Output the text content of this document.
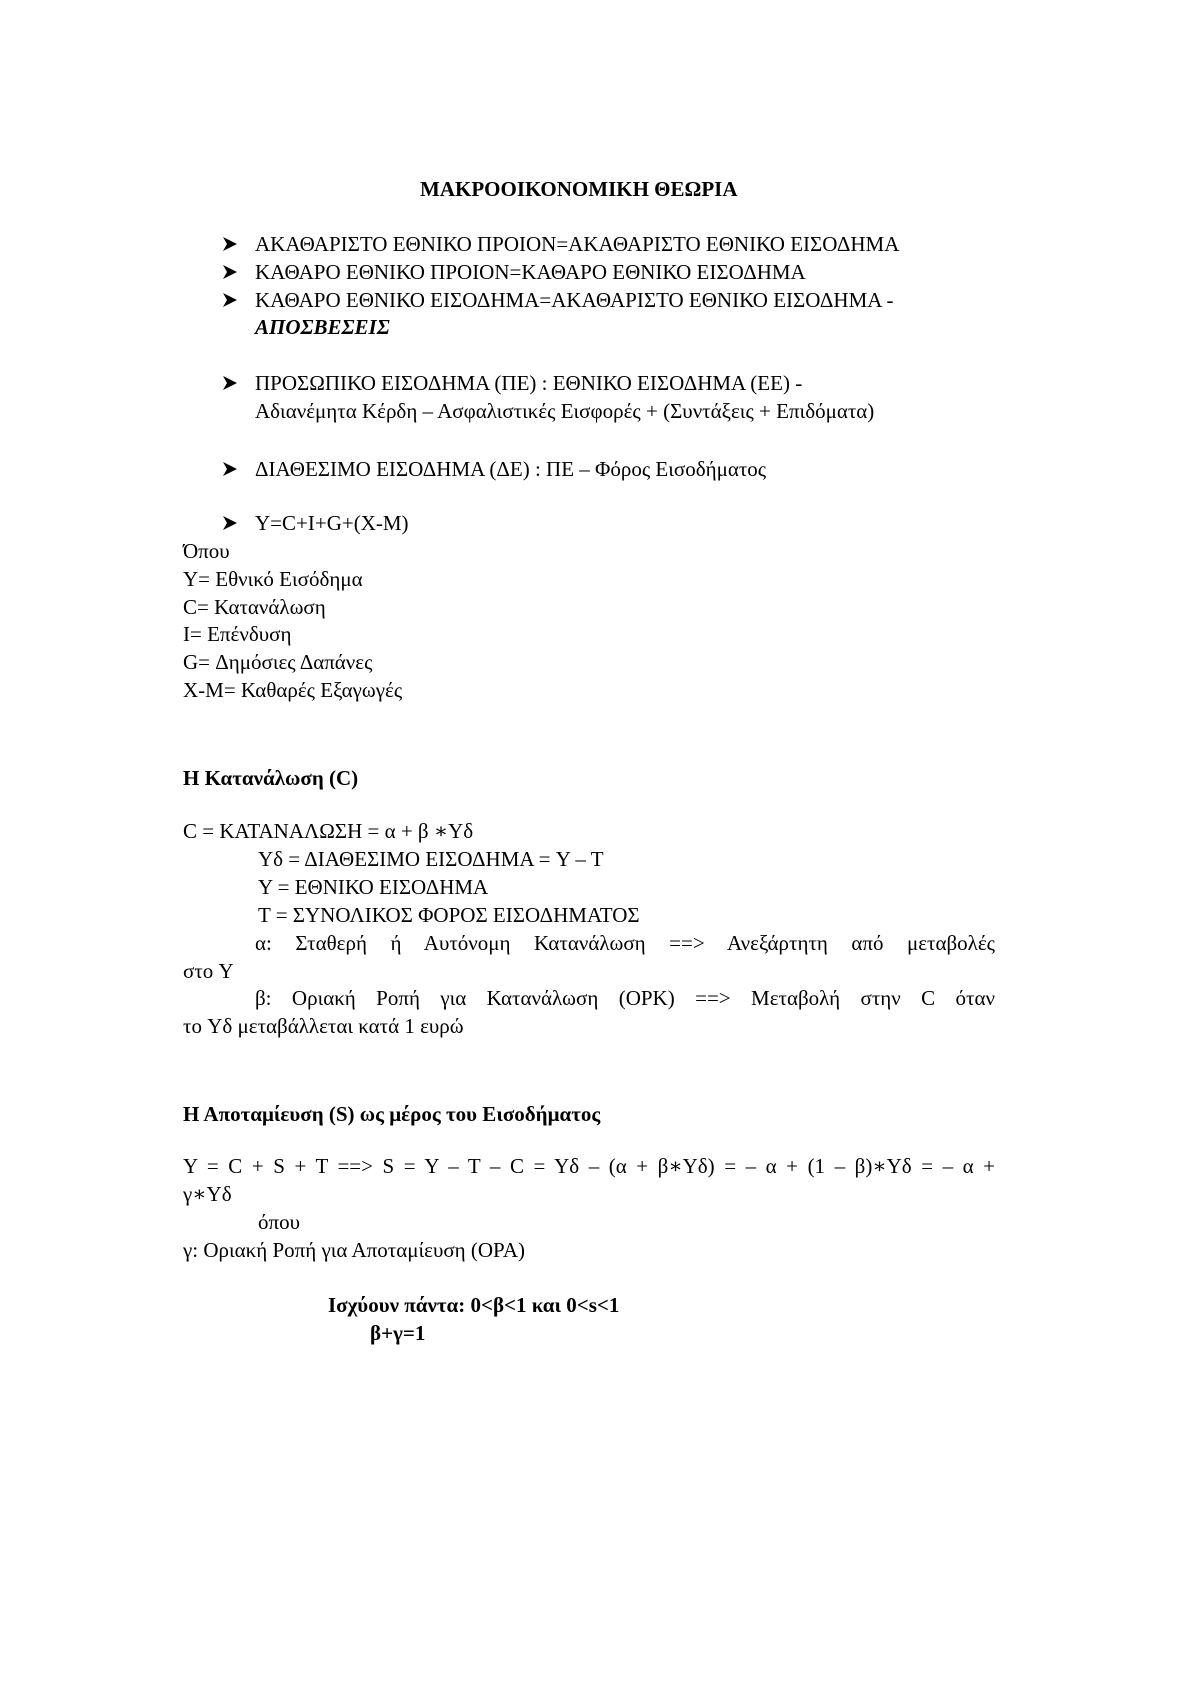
ΜΑΚΡΟΟΙΚΟΝΟΜΙΚΗ ΘΕΩΡΙΑ
ΑΚΑΘΑΡΙΣΤΟ ΕΘΝΙΚΟ ΠΡΟΙΟΝ=ΑΚΑΘΑΡΙΣΤΟ ΕΘΝΙΚΟ ΕΙΣΟΔΗΜΑ
ΚΑΘΑΡΟ ΕΘΝΙΚΟ ΠΡΟΙΟΝ=ΚΑΘΑΡΟ ΕΘΝΙΚΟ ΕΙΣΟΔΗΜΑ
ΚΑΘΑΡΟ ΕΘΝΙΚΟ ΕΙΣΟΔΗΜΑ=ΑΚΑΘΑΡΙΣΤΟ ΕΘΝΙΚΟ ΕΙΣΟΔΗΜΑ -
ΑΠΟΣΒΕΣΕΙΣ
ΠΡΟΣΩΠΙΚΟ ΕΙΣΟΔΗΜΑ (ΠΕ) : ΕΘΝΙΚΟ ΕΙΣΟΔΗΜΑ (ΕΕ) -
Αδιανέμητα Κέρδη – Ασφαλιστικές Εισφορές + (Συντάξεις + Επιδόματα)
ΔΙΑΘΕΣΙΜΟ ΕΙΣΟΔΗΜΑ (ΔΕ) : ΠΕ – Φόρος Εισοδήματος
Y=C+I+G+(X-M)
Όπου
Y= Εθνικό Εισόδημα
C= Κατανάλωση
I= Επένδυση
G= Δημόσιες Δαπάνες
X-M= Καθαρές Εξαγωγές
Η Κατανάλωση (C)
C = ΚΑΤΑΝΑΛΩΣΗ = α + β ∗Yδ
Yδ = ΔΙΑΘΕΣΙΜΟ ΕΙΣΟΔΗΜΑ = Y – T
Y = ΕΘΝΙΚΟ ΕΙΣΟΔΗΜΑ
T = ΣΥΝΟΛΙΚΟΣ ΦΟΡΟΣ ΕΙΣΟΔΗΜΑΤΟΣ
α: Σταθερή ή Αυτόνομη Κατανάλωση ==> Ανεξάρτητη από μεταβολές
στο Y
β: Οριακή Ροπή για Κατανάλωση (ΟΡΚ) ==> Μεταβολή στην C όταν
το Yδ μεταβάλλεται κατά 1 ευρώ
Η Αποταμίευση (S) ως μέρος του Εισοδήματος
Y = C + S + T ==> S = Y – T – C = Yδ – (α + β∗Yδ) = – α + (1 – β)∗Yδ = – α +
γ∗Yδ
όπου
γ: Οριακή Ροπή για Αποταμίευση (ΟΡΑ)
Ισχύουν πάντα: 0<β<1 και 0<s<1
β+γ=1
